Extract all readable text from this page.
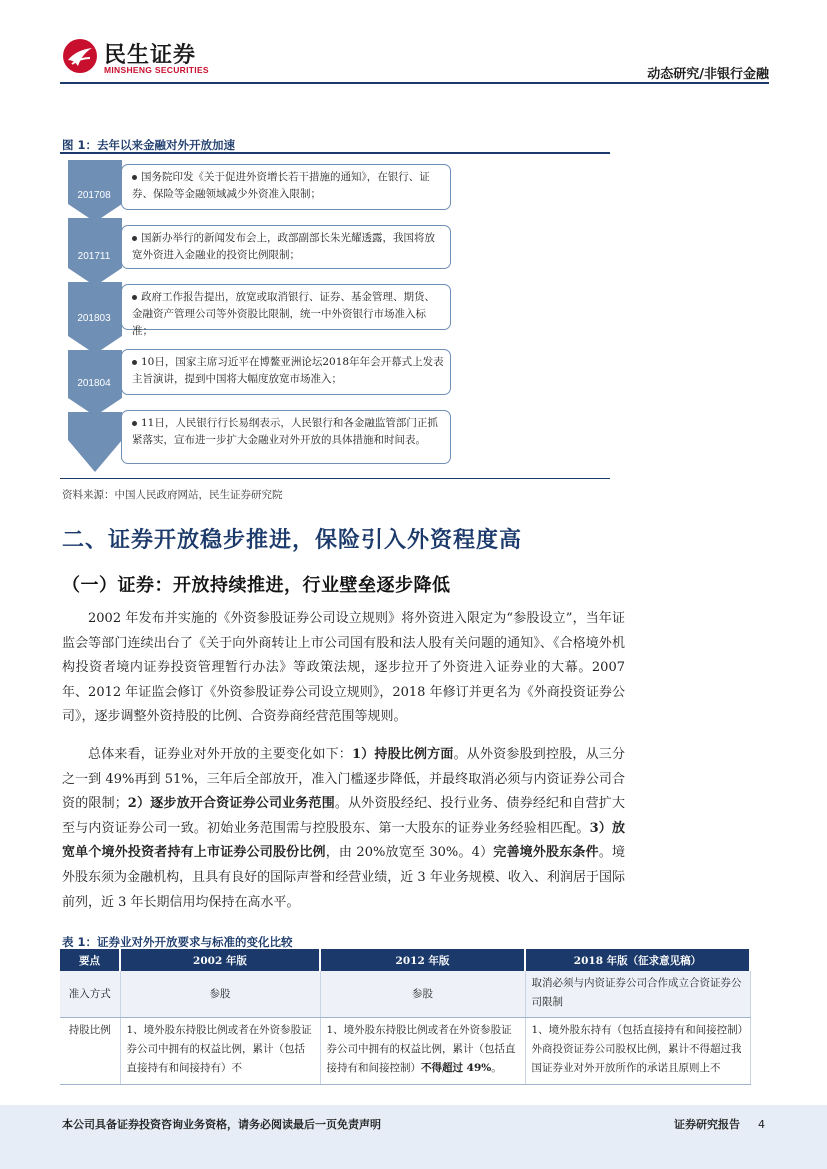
民生证券
MINSHENG SECURITIES	动态研究/非银行金融
图 1：去年以来金融对外开放加速
201708
201711
201803
201804
国务院印发《关于促进外资增长若干措施的通知》，在银行、证券、保险等金融领域减少外资准入限制；
国新办举行的新闻发布会上，政部副部长朱光耀透露，我国将放宽外资进入金融业的投资比例限制；
政府工作报告提出，放宽或取消银行、证券、基金管理、期货、金融资产管理公司等外资股比限制，统一中外资银行市场准入标准；
10日，国家主席习近平在博鳌亚洲论坛2018年年会开幕式上发表主旨演讲，提到中国将大幅度放宽市场准入；
11日，人民银行行长易纲表示，人民银行和各金融监管部门正抓紧落实，宣布进一步扩大金融业对外开放的具体措施和时间表。
资料来源：中国人民政府网站，民生证券研究院
二、证券开放稳步推进，保险引入外资程度高
（一）证券：开放持续推进，行业壁垒逐步降低
2002 年发布并实施的《外资参股证券公司设立规则》将外资进入限定为“参股设立”，当年证监会等部门连续出台了《关于向外商转让上市公司国有股和法人股有关问题的通知》、《合格境外机构投资者境内证券投资管理暂行办法》等政策法规，逐步拉开了外资进入证券业的大幕。2007 年、2012 年证监会修订《外资参股证券公司设立规则》，2018 年修订并更名为《外商投资证券公司》，逐步调整外资持股的比例、合资券商经营范围等规则。
总体来看，证券业对外开放的主要变化如下：1）持股比例方面。从外资参股到控股，从三分之一到 49%再到 51%，三年后全部放开，准入门槛逐步降低，并最终取消必须与内资证券公司合资的限制；2）逐步放开合资证券公司业务范围。从外资股经纪、投行业务、债券经纪和自营扩大至与内资证券公司一致。初始业务范围需与控股股东、第一大股东的证券业务经验相匹配。3）放宽单个境外投资者持有上市证券公司股份比例，由 20%放宽至 30%。4）完善境外股东条件。境外股东须为金融机构，且具有良好的国际声誉和经营业绩，近 3 年业务规模、收入、利润居于国际前列，近 3 年长期信用均保持在高水平。
表 1：证券业对外开放要求与标准的变化比较
要点	2002 年版	2012 年版	2018 年版（征求意见稿）
准入方式	参股	参股	取消必须与内资证券公司合作成立合资证券公司限制
持股比例	1、境外股东持股比例或者在外资参股证券公司中拥有的权益比例，累计（包括直接持有和间接持有）不	1、境外股东持股比例或者在外资参股证券公司中拥有的权益比例，累计（包括直接持有和间接控制）不得超过 49%。	1、境外股东持有（包括直接持有和间接控制）外商投资证券公司股权比例，累计不得超过我国证券业对外开放所作的承诺且原则上不
本公司具备证券投资咨询业务资格，请务必阅读最后一页免责声明	证券研究报告 4
